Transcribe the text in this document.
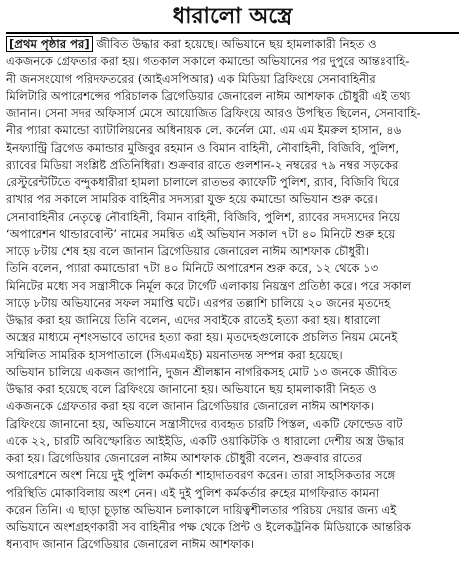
ধারালো অস্ত্রে
[প্রথম পৃষ্ঠার পর] জীবিত উদ্ধার করা হয়েছে। অভিযানে ছয় হামলাকারী নিহত ও
একজনকে গ্রেফতার করা হয়। গতকাল সকালে কমান্ডো অভিযানের পর দুপুরে আন্তঃবাহি-
নী জনসংযোগ পরিদফতরের (আইএসপিআর) এক মিডিয়া ব্রিফিংয়ে সেনাবাহিনীর
মিলিটারি অপারেশন্সের পরিচালক ব্রিগেডিয়ার জেনারেল নাঈম আশফাক চৌধুরী এই তথ্য
জানান। সেনা সদর অফিসার্স মেসে আয়োজিত ব্রিফিংয়ে আরও উপস্থিত ছিলেন, সেনাবাহি-
নীর প্যারা কমান্ডো ব্যাটালিয়নের অধিনায়ক লে. কর্নেল মো. এম এম ইমরুল হাসান, ৪৬
ইনফ্যান্ট্রি ব্রিগেড কমান্ডার মুজিবুর রহমান ও বিমান বাহিনী, নৌবাহিনী, বিজিবি, পুলিশ,
র‍্যাবের মিডিয়া সংশ্লিষ্ট প্রতিনিধিরা। শুক্রবার রাতে গুলশান-২ নম্বরের ৭৯ নম্বর সড়কের
রেস্টুরেন্টটিতে বন্দুকধারীরা হামলা চালালে রাতভর ক্যাফেটি পুলিশ, র‍্যাব, বিজিবি ঘিরে
রাখার পর সকালে সামরিক বাহিনীর সদস্যরা যুক্ত হয়ে কমান্ডো অভিযান শুরু করে।
সেনাবাহিনীর নেতৃত্বে নৌবাহিনী, বিমান বাহিনী, বিজিবি, পুলিশ, র‍্যাবের সদস্যদের নিয়ে
‘অপারেশন থান্ডারবোল্ট’ নামের সমন্বিত এই অভিযান সকাল ৭টা ৪০ মিনিটে শুরু হয়ে
সাড়ে ৮টায় শেষ হয় বলে জানান ব্রিগেডিয়ার জেনারেল নাঈম আশফাক চৌধুরী।
তিনি বলেন, প্যারা কমান্ডোরা ৭টা ৪০ মিনিটে অপারেশন শুরু করে, ১২ থেকে ১৩
মিনিটের মধ্যে সব সন্ত্রাসীকে নির্মূল করে টার্গেট এলাকায় নিয়ন্ত্রণ প্রতিষ্ঠা করে। পরে সকাল
সাড়ে ৮টায় অভিযানের সফল সমাপ্তি ঘটে। এরপর তল্লাশি চালিয়ে ২০ জনের মৃতদেহ
উদ্ধার করা হয় জানিয়ে তিনি বলেন, এদের সবাইকে রাতেই হত্যা করা হয়। ধারালো
অস্ত্রের মাধ্যমে নৃশংসভাবে তাদের হত্যা করা হয়। মৃতদেহগুলোকে প্রচলিত নিয়ম মেনেই
সম্মিলিত সামরিক হাসপাতালে (সিএমএইচ) ময়নাতদন্ত সম্পন্ন করা হয়েছে।
অভিযান চালিয়ে একজন জাপানি, দুজন শ্রীলঙ্কান নাগরিকসহ মোট ১৩ জনকে জীবিত
উদ্ধার করা হয়েছে বলে ব্রিফিংয়ে জানানো হয়। অভিযানে ছয় হামলাকারী নিহত ও
একজনকে গ্রেফতার করা হয় বলে জানান ব্রিগেডিয়ার জেনারেল নাঈম আশফাক।
ব্রিফিংয়ে জানানো হয়, অভিযানে সন্ত্রাসীদের ব্যবহৃত চারটি পিস্তল, একটি ফোল্ডেড বাট
একে ২২, চারটি অবিস্ফোরিত আইইডি, একটি ওয়াকিটকি ও ধারালো দেশীয় অস্ত্র উদ্ধার
করা হয়। ব্রিগেডিয়ার জেনারেল নাঈম আশফাক চৌধুরী বলেন, শুক্রবার রাতের
অপারেশনে অংশ নিয়ে দুই পুলিশ কর্মকর্তা শাহাদাতবরণ করেন। তারা সাহসিকতার সঙ্গে
পরিস্থিতি মোকাবিলায় অংশ নেন। এই দুই পুলিশ কর্মকর্তার রুহের মাগফিরাত কামনা
করেন তিনি। এ ছাড়া চূড়ান্ত অভিযান চলাকালে দায়িত্বশীলতার পরিচয় দেয়ার জন্য এই
অভিযানে অংশগ্রহণকারী সব বাহিনীর পক্ষ থেকে প্রিন্ট ও ইলেকট্রনিক মিডিয়াকে আন্তরিক
ধন্যবাদ জানান ব্রিগেডিয়ার জেনারেল নাঈম আশফাক।
